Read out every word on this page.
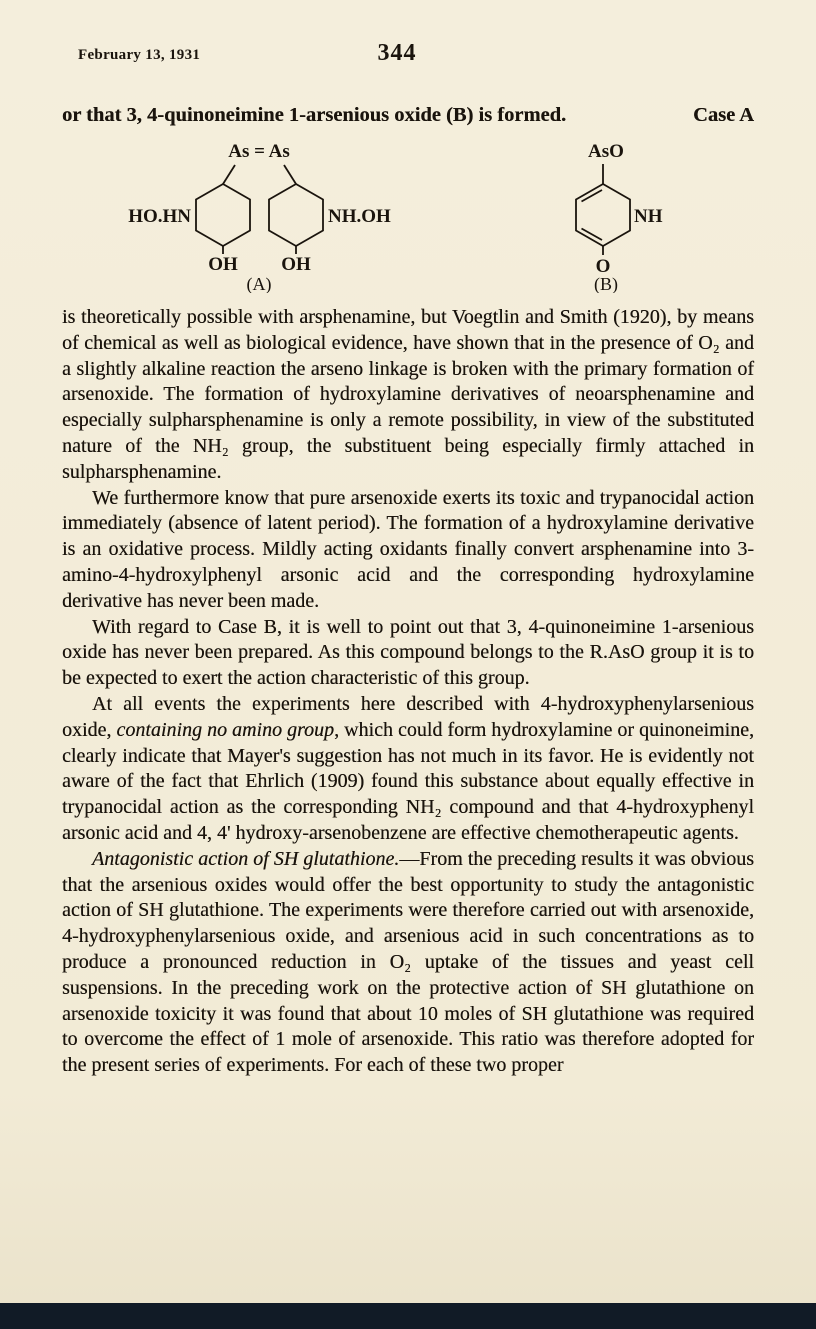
February 13, 1931	344
or that 3, 4-quinoneimine 1-arsenious oxide (B) is formed.	Case A
As = As
HO.HN	NH.OH
OH OH
(A)
AsO
NH
O
(B)

is theoretically possible with arsphenamine, but Voegtlin and Smith (1920), by means of chemical as well as biological evidence, have shown that in the presence of O₂ and a slightly alkaline reaction the arseno linkage is broken with the primary formation of arsenoxide. The formation of hydroxylamine derivatives of neoarsphenamine and especially sulpharsphenamine is only a remote possibility, in view of the substituted nature of the NH₂ group, the substituent being especially firmly attached in sulpharsphenamine.

We furthermore know that pure arsenoxide exerts its toxic and trypanocidal action immediately (absence of latent period). The formation of a hydroxylamine derivative is an oxidative process. Mildly acting oxidants finally convert arsphenamine into 3-amino-4-hydroxylphenyl arsonic acid and the corresponding hydroxylamine derivative has never been made.

With regard to Case B, it is well to point out that 3, 4-quinoneimine 1-arsenious oxide has never been prepared. As this compound belongs to the R.AsO group it is to be expected to exert the action characteristic of this group.

At all events the experiments here described with 4-hydroxyphenylarsenious oxide, containing no amino group, which could form hydroxylamine or quinoneimine, clearly indicate that Mayer's suggestion has not much in its favor. He is evidently not aware of the fact that Ehrlich (1909) found this substance about equally effective in trypanocidal action as the corresponding NH₂ compound and that 4-hydroxyphenyl arsonic acid and 4, 4' hydroxy-arsenobenzene are effective chemotherapeutic agents.

Antagonistic action of SH glutathione.—From the preceding results it was obvious that the arsenious oxides would offer the best opportunity to study the antagonistic action of SH glutathione. The experiments were therefore carried out with arsenoxide, 4-hydroxyphenylarsenious oxide, and arsenious acid in such concentrations as to produce a pronounced reduction in O₂ uptake of the tissues and yeast cell suspensions. In the preceding work on the protective action of SH glutathione on arsenoxide toxicity it was found that about 10 moles of SH glutathione was required to overcome the effect of 1 mole of arsenoxide. This ratio was therefore adopted for the present series of experiments. For each of these two proper
